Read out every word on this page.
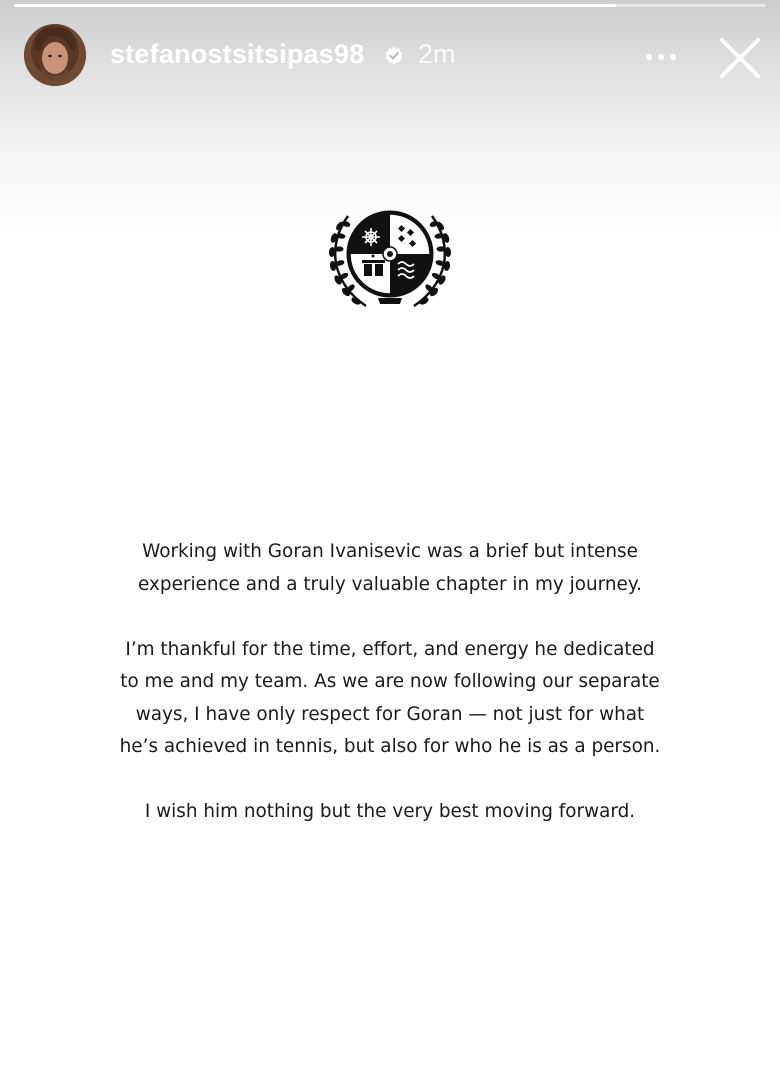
stefanostsitsipas98 2m

Working with Goran Ivanisevic was a brief but intense
experience and a truly valuable chapter in my journey.

I’m thankful for the time, effort, and energy he dedicated
to me and my team. As we are now following our separate
ways, I have only respect for Goran — not just for what
he’s achieved in tennis, but also for who he is as a person.

I wish him nothing but the very best moving forward.
